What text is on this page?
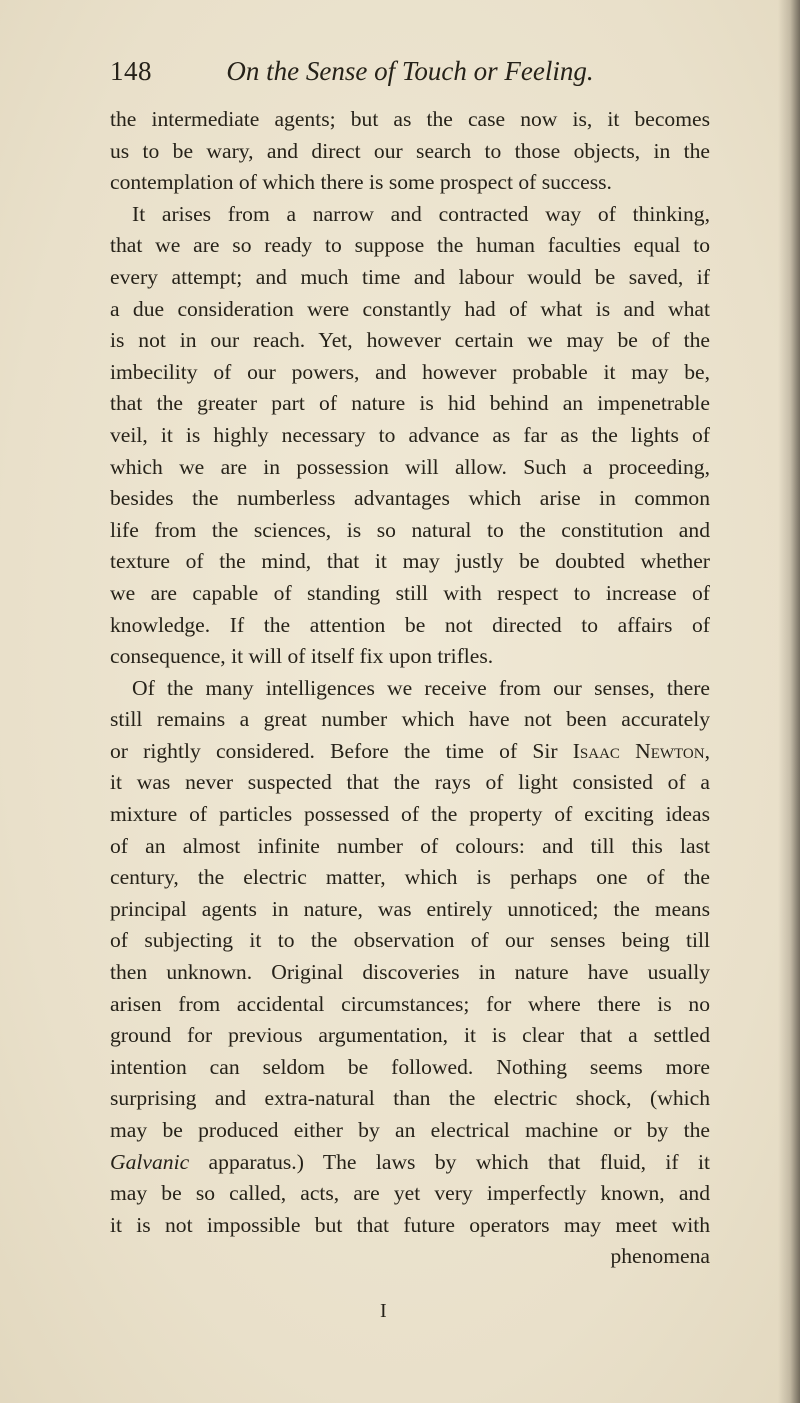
148	On the Sense of Touch or Feeling.
the intermediate agents; but as the case now is, it becomes
us to be wary, and direct our search to those objects, in the
contemplation of which there is some prospect of success.
It arises from a narrow and contracted way of thinking,
that we are so ready to suppose the human faculties equal to
every attempt; and much time and labour would be saved, if
a due consideration were constantly had of what is and what
is not in our reach. Yet, however certain we may be of the
imbecility of our powers, and however probable it may be,
that the greater part of nature is hid behind an impenetrable
veil, it is highly necessary to advance as far as the lights of
which we are in possession will allow. Such a proceeding,
besides the numberless advantages which arise in common
life from the sciences, is so natural to the constitution and
texture of the mind, that it may justly be doubted whether
we are capable of standing still with respect to increase of
knowledge. If the attention be not directed to affairs of
consequence, it will of itself fix upon trifles.
Of the many intelligences we receive from our senses, there
still remains a great number which have not been accurately
or rightly considered. Before the time of Sir Isaac Newton,
it was never suspected that the rays of light consisted of a
mixture of particles possessed of the property of exciting ideas
of an almost infinite number of colours: and till this last
century, the electric matter, which is perhaps one of the
principal agents in nature, was entirely unnoticed; the means
of subjecting it to the observation of our senses being till
then unknown. Original discoveries in nature have usually
arisen from accidental circumstances; for where there is no
ground for previous argumentation, it is clear that a settled
intention can seldom be followed. Nothing seems more
surprising and extra-natural than the electric shock, (which
may be produced either by an electrical machine or by the
Galvanic apparatus.) The laws by which that fluid, if it
may be so called, acts, are yet very imperfectly known, and
it is not impossible but that future operators may meet with
phenomena
I
